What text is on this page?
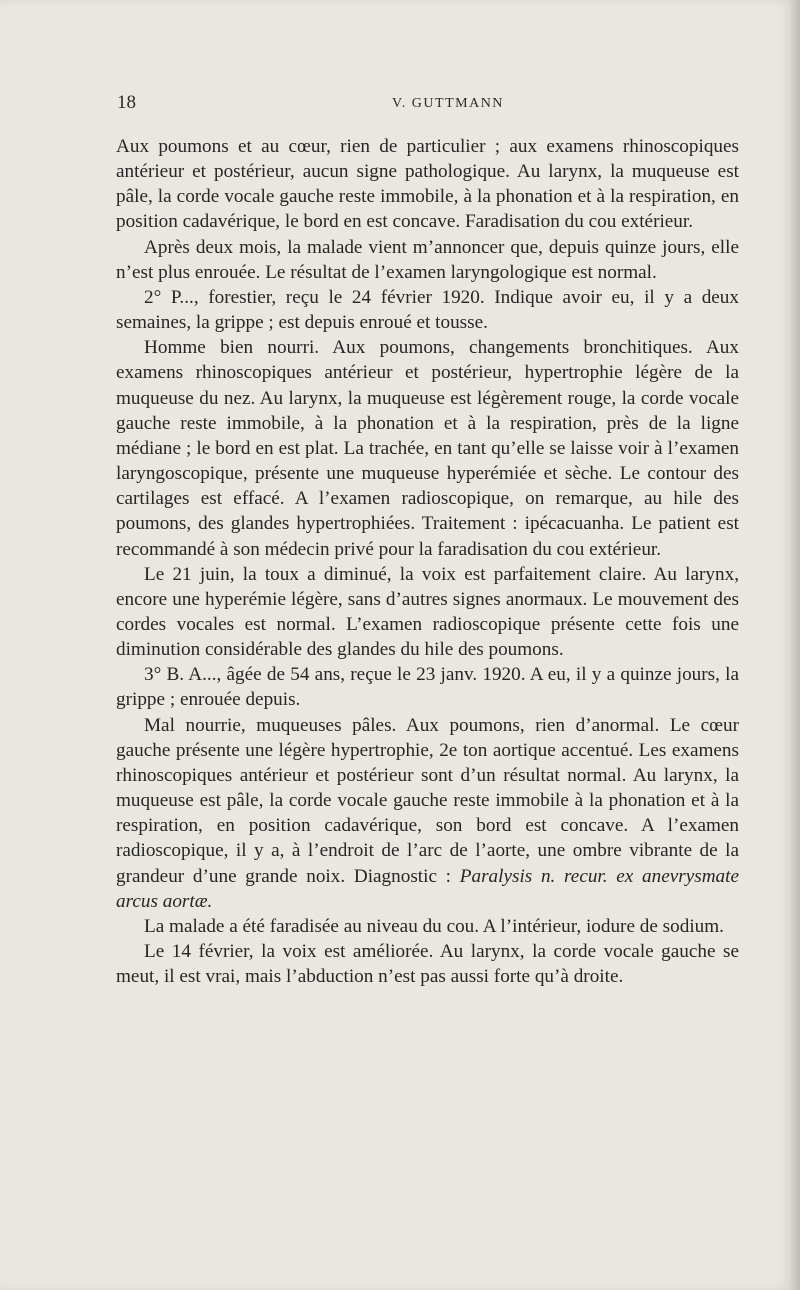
18	V. GUTTMANN

Aux poumons et au cœur, rien de particulier ; aux examens rhinoscopiques antérieur et postérieur, aucun signe pathologique. Au larynx, la muqueuse est pâle, la corde vocale gauche reste immobile, à la phonation et à la respiration, en position cadavérique, le bord en est concave. Faradisation du cou extérieur.

Après deux mois, la malade vient m’annoncer que, depuis quinze jours, elle n’est plus enrouée. Le résultat de l’examen laryngologique est normal.

2° P..., forestier, reçu le 24 février 1920. Indique avoir eu, il y a deux semaines, la grippe ; est depuis enroué et tousse.

Homme bien nourri. Aux poumons, changements bronchitiques. Aux examens rhinoscopiques antérieur et postérieur, hypertrophie légère de la muqueuse du nez. Au larynx, la muqueuse est légèrement rouge, la corde vocale gauche reste immobile, à la phonation et à la respiration, près de la ligne médiane ; le bord en est plat. La trachée, en tant qu’elle se laisse voir à l’examen laryngoscopique, présente une muqueuse hyperémiée et sèche. Le contour des cartilages est effacé. A l’examen radioscopique, on remarque, au hile des poumons, des glandes hypertrophiées. Traitement : ipécacuanha. Le patient est recommandé à son médecin privé pour la faradisation du cou extérieur.

Le 21 juin, la toux a diminué, la voix est parfaitement claire. Au larynx, encore une hyperémie légère, sans d’autres signes anormaux. Le mouvement des cordes vocales est normal. L’examen radioscopique présente cette fois une diminution considérable des glandes du hile des poumons.

3° B. A..., âgée de 54 ans, reçue le 23 janv. 1920. A eu, il y a quinze jours, la grippe ; enrouée depuis.

Mal nourrie, muqueuses pâles. Aux poumons, rien d’anormal. Le cœur gauche présente une légère hypertrophie, 2e ton aortique accentué. Les examens rhinoscopiques antérieur et postérieur sont d’un résultat normal. Au larynx, la muqueuse est pâle, la corde vocale gauche reste immobile à la phonation et à la respiration, en position cadavérique, son bord est concave. A l’examen radioscopique, il y a, à l’endroit de l’arc de l’aorte, une ombre vibrante de la grandeur d’une grande noix. Diagnostic : Paralysis n. recur. ex anevrysmate arcus aortæ.

La malade a été faradisée au niveau du cou. A l’intérieur, iodure de sodium.

Le 14 février, la voix est améliorée. Au larynx, la corde vocale gauche se meut, il est vrai, mais l’abduction n’est pas aussi forte qu’à droite.
